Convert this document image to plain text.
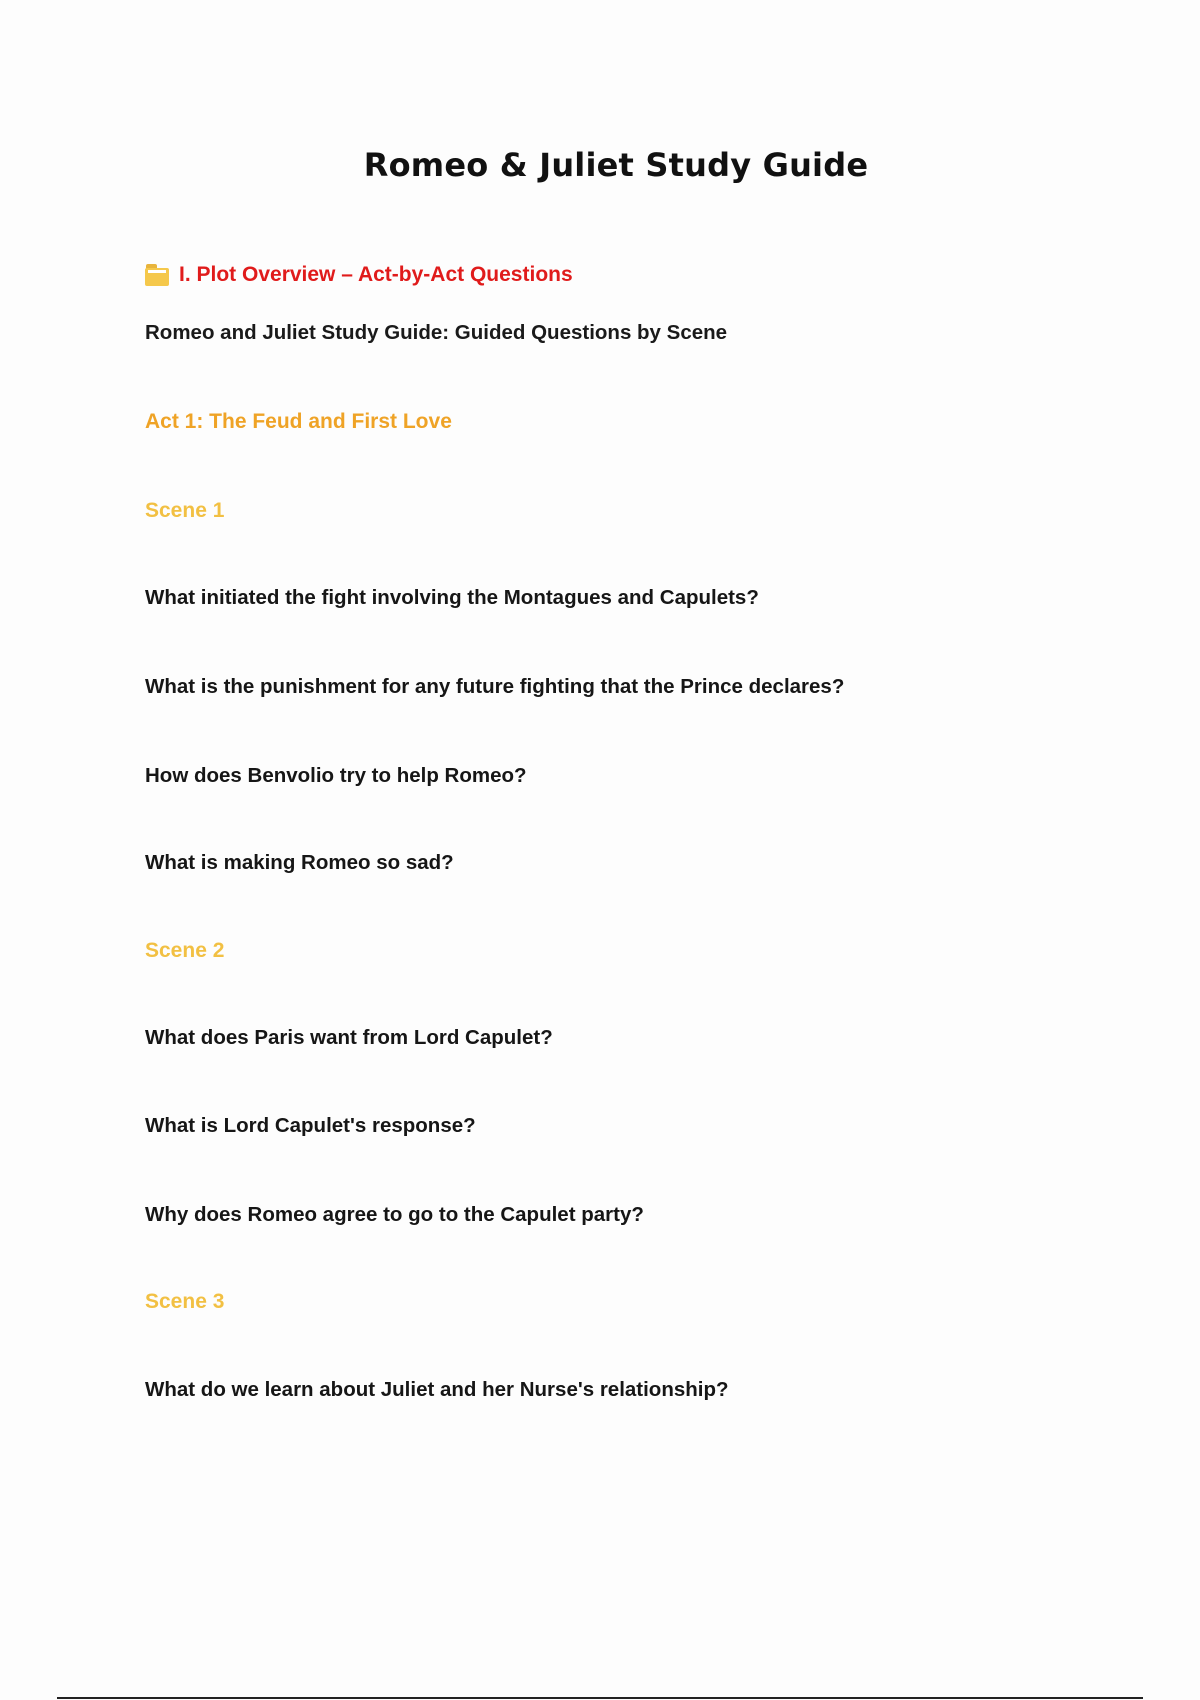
Romeo & Juliet Study Guide
I. Plot Overview – Act-by-Act Questions

Romeo and Juliet Study Guide: Guided Questions by Scene

Act 1: The Feud and First Love

Scene 1

What initiated the fight involving the Montagues and Capulets?

What is the punishment for any future fighting that the Prince declares?

How does Benvolio try to help Romeo?

What is making Romeo so sad?

Scene 2

What does Paris want from Lord Capulet?

What is Lord Capulet's response?

Why does Romeo agree to go to the Capulet party?

Scene 3

What do we learn about Juliet and her Nurse's relationship?
